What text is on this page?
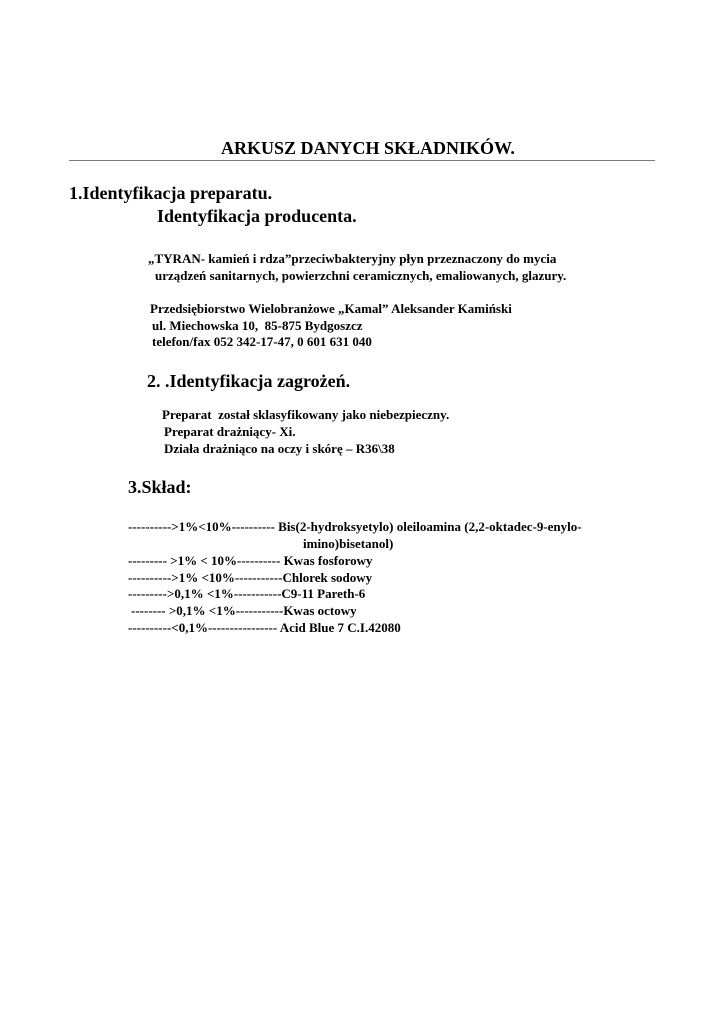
ARKUSZ DANYCH SKŁADNIKÓW.
1.Identyfikacja preparatu.
Identyfikacja producenta.
„TYRAN- kamień i rdza”przeciwbakteryjny płyn przeznaczony do mycia
urządzeń sanitarnych, powierzchni ceramicznych, emaliowanych, glazury.
Przedsiębiorstwo Wielobranżowe „Kamal” Aleksander Kamiński
ul. Miechowska 10,  85-875 Bydgoszcz
telefon/fax 052 342-17-47, 0 601 631 040
2. .Identyfikacja zagrożeń.
Preparat  został sklasyfikowany jako niebezpieczny.
Preparat drażniący- Xi.
Działa drażniąco na oczy i skórę – R36\38
3.Skład:
---------->1%<10%---------- Bis(2-hydroksyetylo) oleiloamina (2,2-oktadec-9-enylo-
imino)bisetanol)
--------- >1% < 10%---------- Kwas fosforowy
---------->1% <10%-----------Chlorek sodowy
--------->0,1% <1%-----------C9-11 Pareth-6
-------- >0,1% <1%-----------Kwas octowy
----------<0,1%---------------- Acid Blue 7 C.I.42080
